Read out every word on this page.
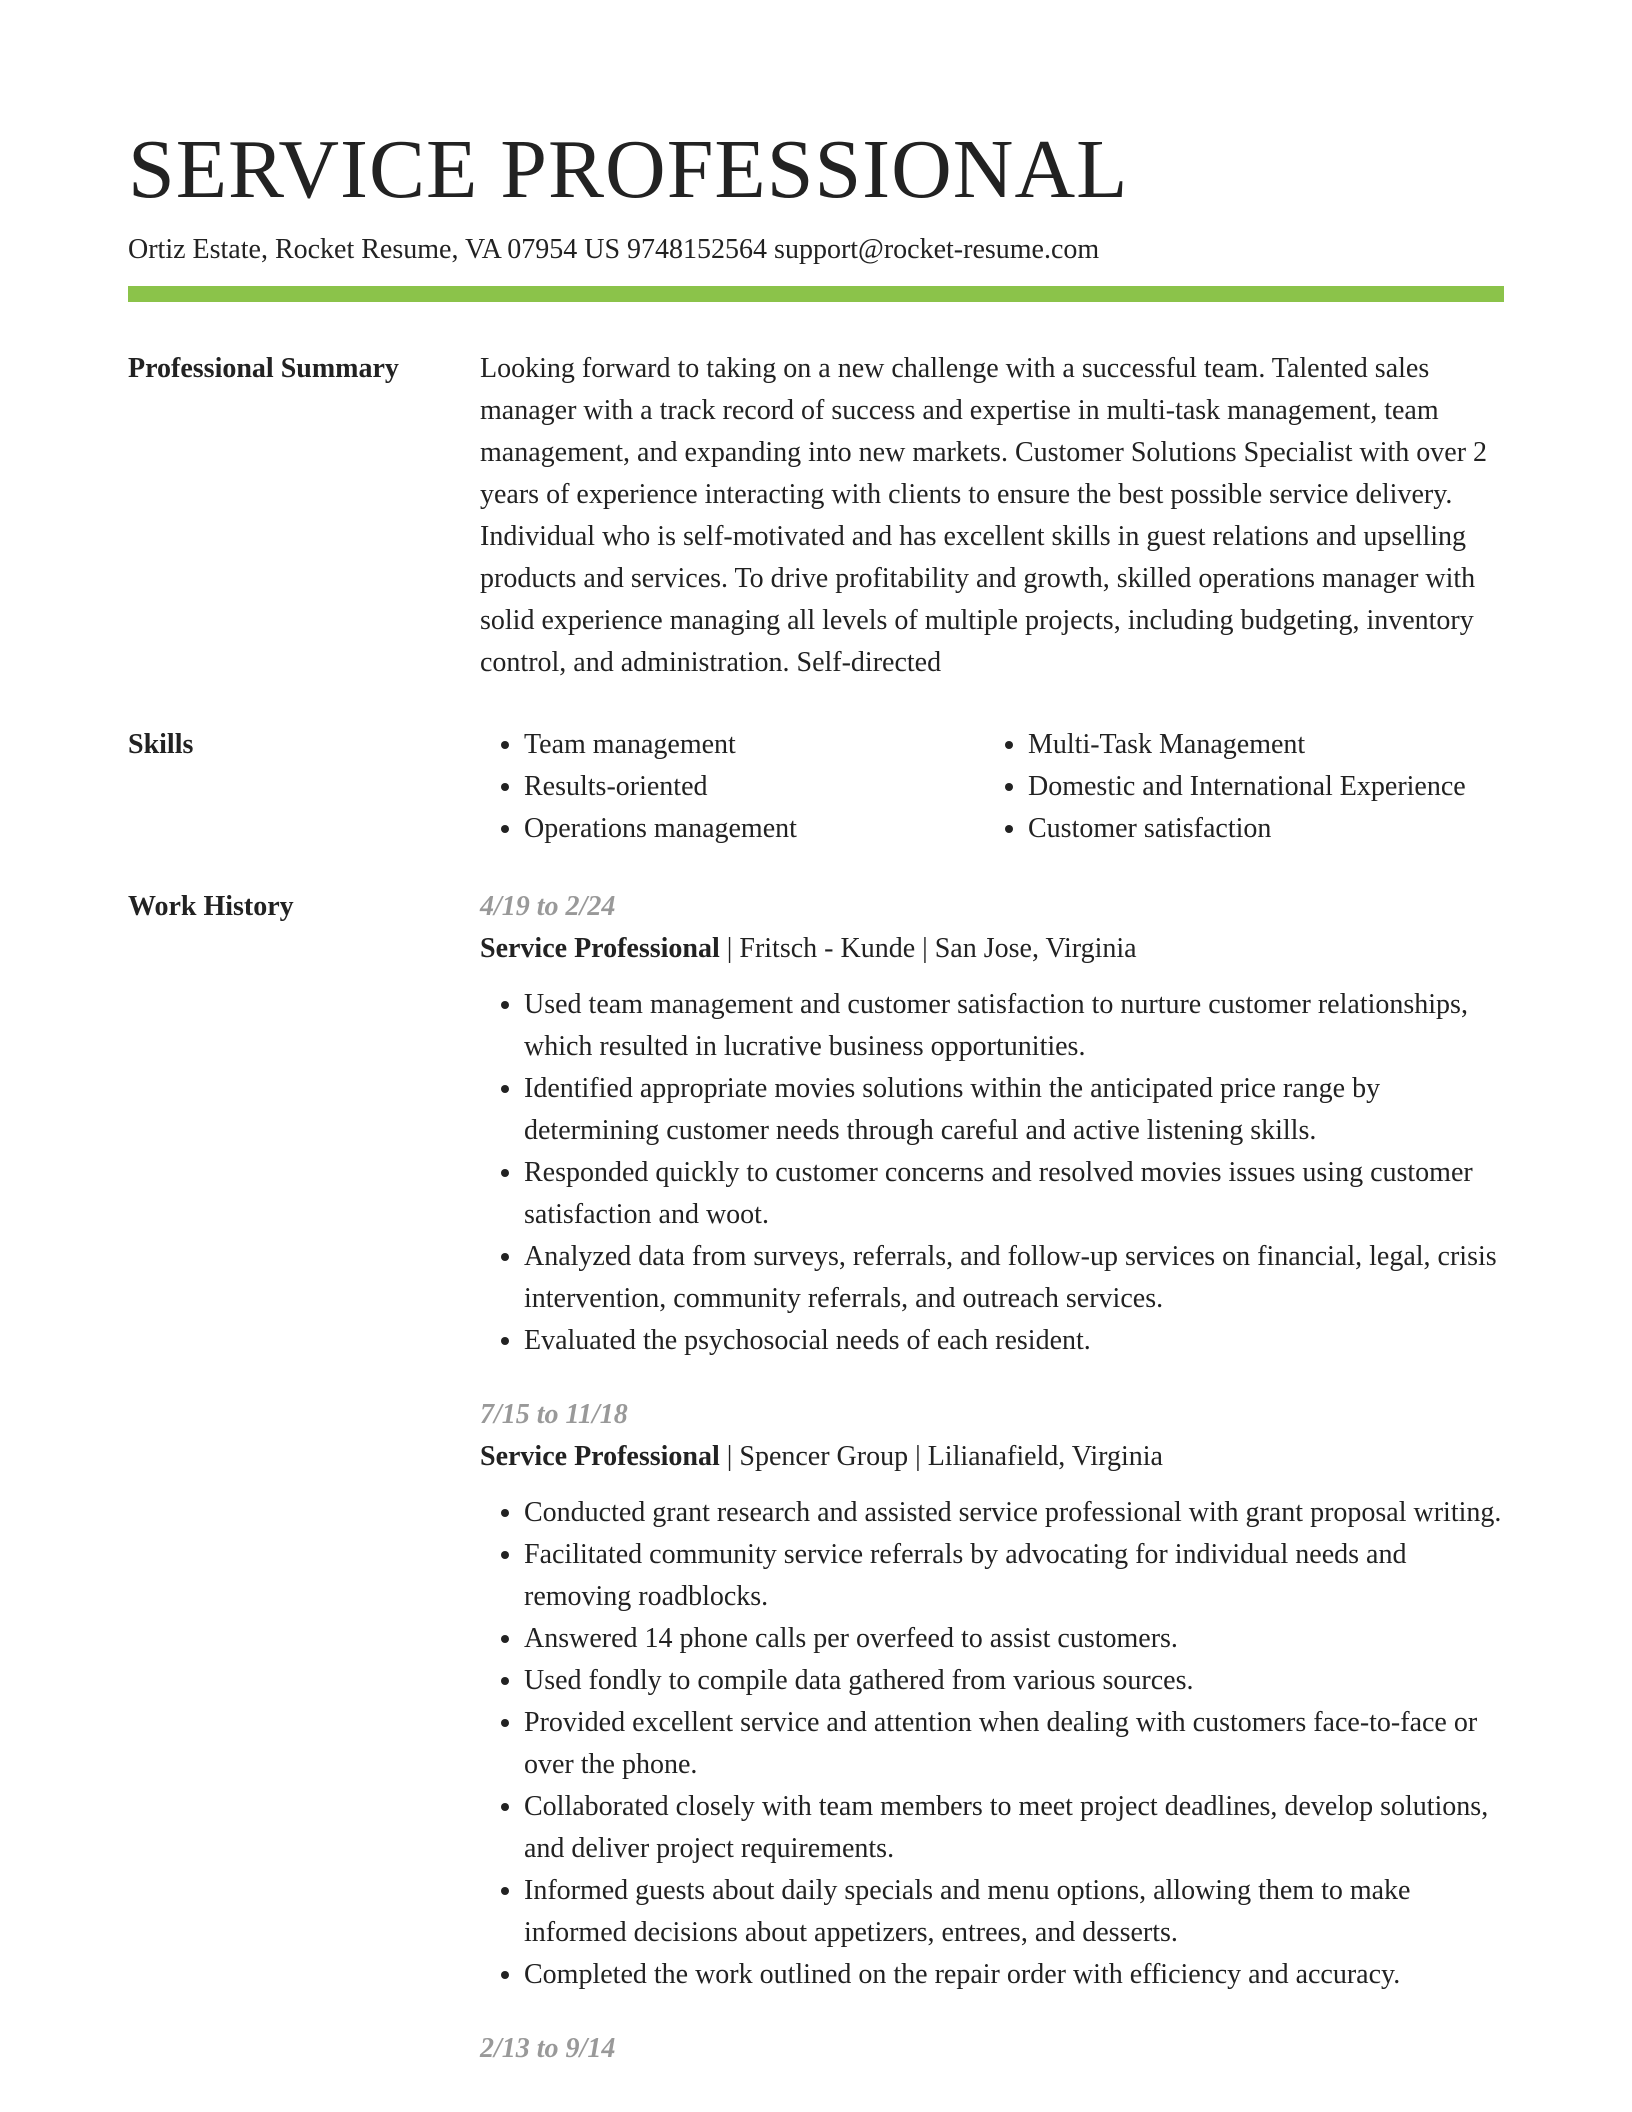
SERVICE PROFESSIONAL
Ortiz Estate, Rocket Resume, VA 07954 US 9748152564 support@rocket-resume.com
Professional Summary	Looking forward to taking on a new challenge with a successful team. Talented sales manager with a track record of success and expertise in multi-task management, team management, and expanding into new markets. Customer Solutions Specialist with over 2 years of experience interacting with clients to ensure the best possible service delivery. Individual who is self-motivated and has excellent skills in guest relations and upselling products and services. To drive profitability and growth, skilled operations manager with solid experience managing all levels of multiple projects, including budgeting, inventory control, and administration. Self-directed

Skills
•	Team management
• Results-oriented
• Operations management
• Multi-Task Management
• Domestic and International Experience
• Customer satisfaction
Work History	4/19 to 2/24
Service Professional | Fritsch - Kunde | San Jose, Virginia
• Used team management and customer satisfaction to nurture customer relationships, which resulted in lucrative business opportunities.
• Identified appropriate movies solutions within the anticipated price range by determining customer needs through careful and active listening skills.
• Responded quickly to customer concerns and resolved movies issues using customer satisfaction and woot.
• Analyzed data from surveys, referrals, and follow-up services on financial, legal, crisis intervention, community referrals, and outreach services.
• Evaluated the psychosocial needs of each resident.
7/15 to 11/18
Service Professional | Spencer Group | Lilianafield, Virginia
• Conducted grant research and assisted service professional with grant proposal writing.
• Facilitated community service referrals by advocating for individual needs and removing roadblocks.
• Answered 14 phone calls per overfeed to assist customers.
• Used fondly to compile data gathered from various sources.
• Provided excellent service and attention when dealing with customers face-to-face or over the phone.
• Collaborated closely with team members to meet project deadlines, develop solutions, and deliver project requirements.
• Informed guests about daily specials and menu options, allowing them to make informed decisions about appetizers, entrees, and desserts.
• Completed the work outlined on the repair order with efficiency and accuracy.
2/13 to 9/14
